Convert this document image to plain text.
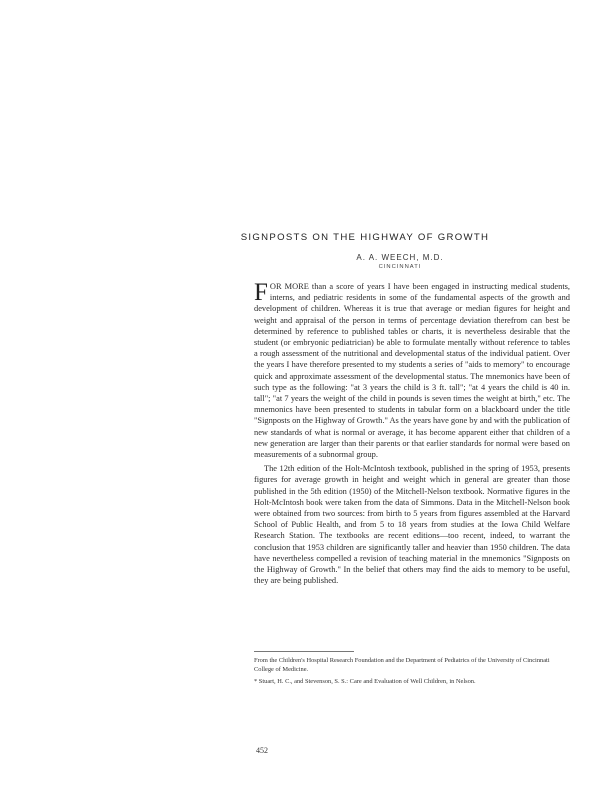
SIGNPOSTS ON THE HIGHWAY OF GROWTH
A. A. WEECH, M.D.
CINCINNATI

FOR MORE than a score of years I have been engaged in instructing medical students, interns, and pediatric residents in some of the fundamental aspects of the growth and development of children. Whereas it is true that average or median figures for height and weight and appraisal of the person in terms of percentage deviation therefrom can best be determined by reference to published tables or charts, it is nevertheless desirable that the student (or embryonic pediatrician) be able to formulate mentally without reference to tables a rough assessment of the nutritional and developmental status of the individual patient. Over the years I have therefore presented to my students a series of "aids to memory" to encourage quick and approximate assessment of the developmental status. The mnemonics have been of such type as the following: "at 3 years the child is 3 ft. tall"; "at 4 years the child is 40 in. tall"; "at 7 years the weight of the child in pounds is seven times the weight at birth," etc. The mnemonics have been presented to students in tabular form on a blackboard under the title "Signposts on the Highway of Growth." As the years have gone by and with the publication of new standards of what is normal or average, it has become apparent either that children of a new generation are larger than their parents or that earlier standards for normal were based on measurements of a subnormal group.

The 12th edition of the Holt-McIntosh textbook, published in the spring of 1953, presents figures for average growth in height and weight which in general are greater than those published in the 5th edition (1950) of the Mitchell-Nelson textbook. Normative figures in the Holt-McIntosh book were taken from the data of Simmons. Data in the Mitchell-Nelson book were obtained from two sources: from birth to 5 years from figures assembled at the Harvard School of Public Health, and from 5 to 18 years from studies at the Iowa Child Welfare Research Station. The textbooks are recent editions—too recent, indeed, to warrant the conclusion that 1953 children are significantly taller and heavier than 1950 children. The data have nevertheless compelled a revision of teaching material in the mnemonics "Signposts on the Highway of Growth." In the belief that others may find the aids to memory to be useful, they are being published.

From the Children's Hospital Research Foundation and the Department of Pediatrics of the University of Cincinnati College of Medicine.

* Stuart, H. C., and Stevenson, S. S.: Care and Evaluation of Well Children, in Nelson.

452
